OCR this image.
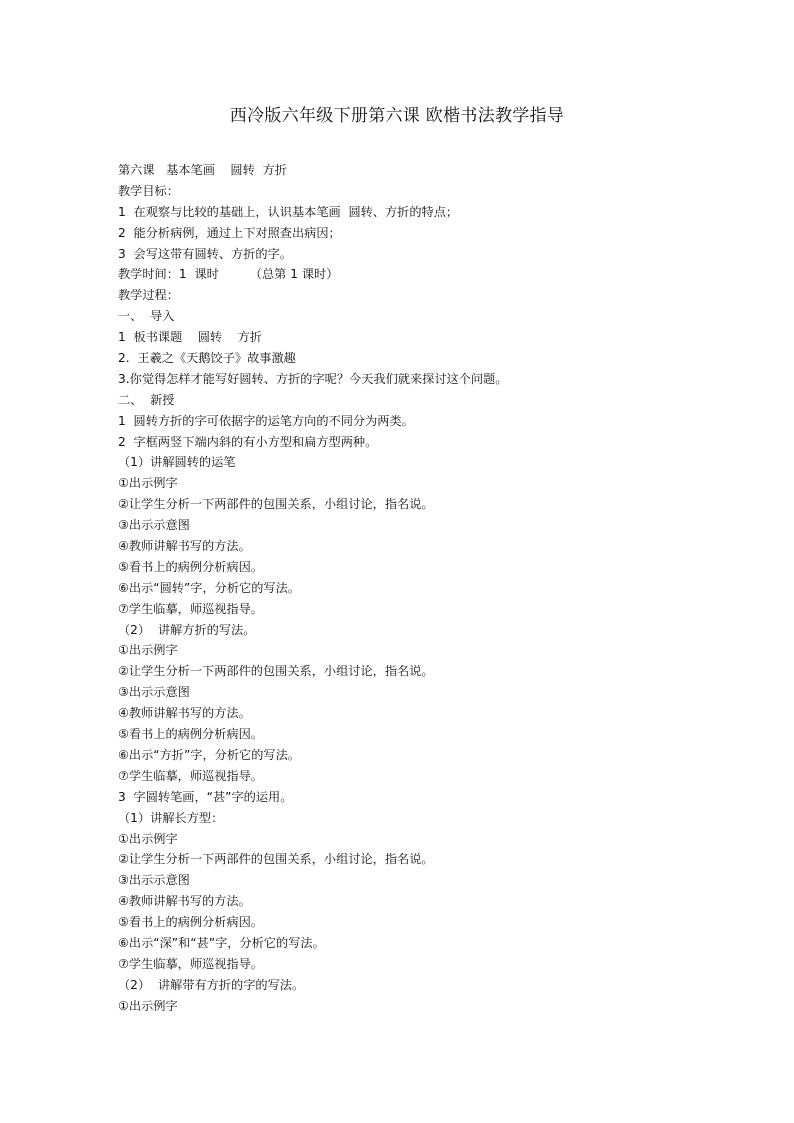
西冷版六年级下册第六课 欧楷书法教学指导
第六课   基本笔画    圆转  方折
教学目标：
1  在观察与比较的基础上，认识基本笔画  圆转、方折的特点；
2  能分析病例，通过上下对照查出病因；
3  会写这带有圆转、方折的字。
教学时间：1  课时        （总第 1 课时）
教学过程：
一、  导入
1  板书课题    圆转    方折
2.  王羲之《天鹅饺子》故事激趣
3.你觉得怎样才能写好圆转、方折的字呢？今天我们就来探讨这个问题。
二、  新授
1  圆转方折的字可依据字的运笔方向的不同分为两类。
2  字框两竖下端内斜的有小方型和扁方型两种。
（1）讲解圆转的运笔
①出示例字
②让学生分析一下两部件的包围关系，小组讨论，指名说。
③出示示意图
④教师讲解书写的方法。
⑤看书上的病例分析病因。
⑥出示“圆转”字，分析它的写法。
⑦学生临摹，师巡视指导。
（2）  讲解方折的写法。
①出示例字
②让学生分析一下两部件的包围关系，小组讨论，指名说。
③出示示意图
④教师讲解书写的方法。
⑤看书上的病例分析病因。
⑥出示“方折”字，分析它的写法。
⑦学生临摹，师巡视指导。
3  字圆转笔画，“甚”字的运用。
（1）讲解长方型：
①出示例字
②让学生分析一下两部件的包围关系，小组讨论，指名说。
③出示示意图
④教师讲解书写的方法。
⑤看书上的病例分析病因。
⑥出示“深”和“甚”字，分析它的写法。
⑦学生临摹，师巡视指导。
（2）  讲解带有方折的字的写法。
①出示例字
